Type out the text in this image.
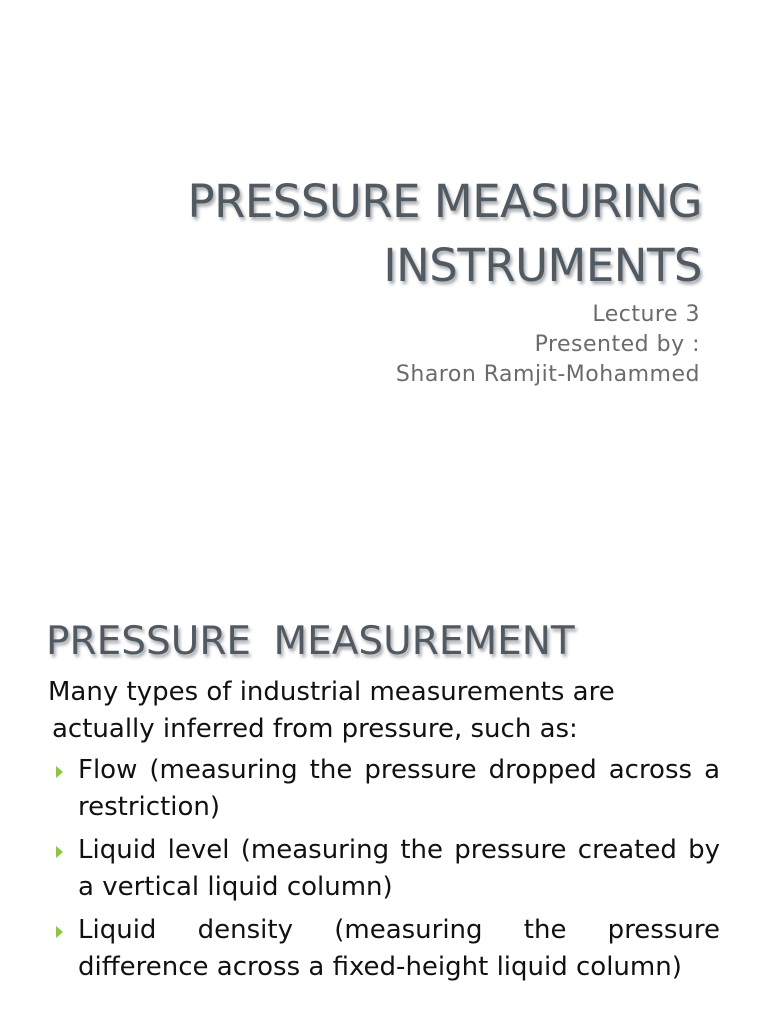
PRESSURE MEASURING
INSTRUMENTS
Lecture 3
Presented by :
Sharon Ramjit-Mohammed
PRESSURE MEASUREMENT

Many types of industrial measurements are
actually inferred from pressure, such as:

Flow (measuring the pressure dropped across a restriction)
Liquid level (measuring the pressure created by a vertical liquid column)
Liquid density (measuring the pressure difference across a fixed-height liquid column)
